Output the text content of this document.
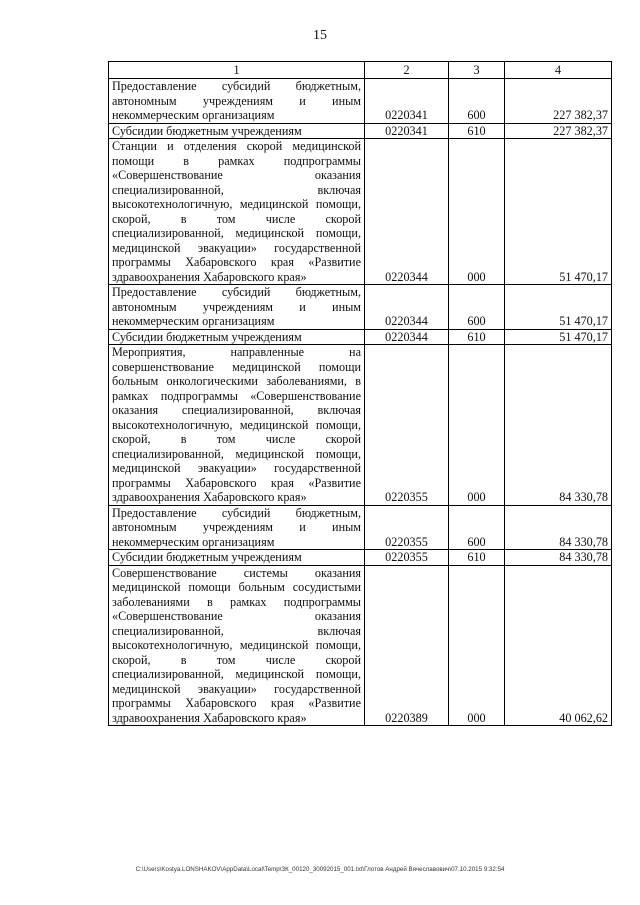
15
1	2	3	4
Предоставление субсидий бюджетным, автономным учреждениям и иным некоммерческим организациям	0220341	600	227 382,37
Субсидии бюджетным учреждениям	0220341	610	227 382,37
Станции и отделения скорой медицинской помощи в рамках подпрограммы «Совершенствование оказания специализированной, включая высокотехнологичную, медицинской помощи, скорой, в том числе скорой специализированной, медицинской помощи, медицинской эвакуации» государственной программы Хабаровского края «Развитие здравоохранения Хабаровского края»	0220344	000	51 470,17
Предоставление субсидий бюджетным, автономным учреждениям и иным некоммерческим организациям	0220344	600	51 470,17
Субсидии бюджетным учреждениям	0220344	610	51 470,17
Мероприятия, направленные на совершенствование медицинской помощи больным онкологическими заболеваниями, в рамках подпрограммы «Совершенствование оказания специализированной, включая высокотехнологичную, медицинской помощи, скорой, в том числе скорой специализированной, медицинской помощи, медицинской эвакуации» государственной программы Хабаровского края «Развитие здравоохранения Хабаровского края»	0220355	000	84 330,78
Предоставление субсидий бюджетным, автономным учреждениям и иным некоммерческим организациям	0220355	600	84 330,78
Субсидии бюджетным учреждениям	0220355	610	84 330,78
Совершенствование системы оказания медицинской помощи больным сосудистыми заболеваниями в рамках подпрограммы «Совершенствование оказания специализированной, включая высокотехнологичную, медицинской помощи, скорой, в том числе скорой специализированной, медицинской помощи, медицинской эвакуации» государственной программы Хабаровского края «Развитие здравоохранения Хабаровского края»	0220389	000	40 062,62
C:\Users\Kostya.LONSHAKOV\AppData\Local\Temp\ЗК_00120_30092015_001.txt\Глотов Андрей Вячеславович\07.10.2015 9:32:54
